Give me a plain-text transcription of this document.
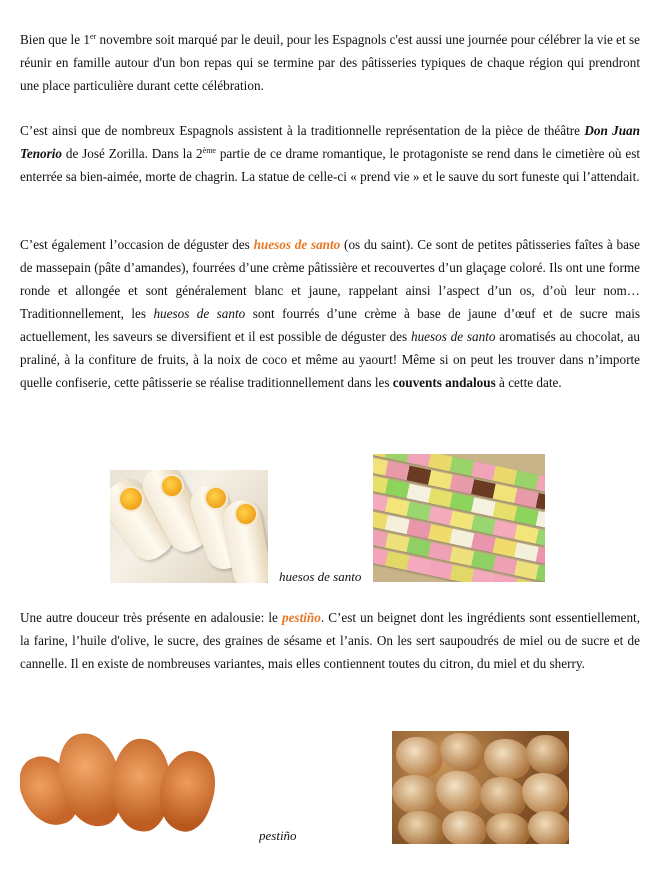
Bien que le 1er novembre soit marqué par le deuil, pour les Espagnols c'est aussi une journée pour célébrer la vie et se réunir en famille autour d'un bon repas qui se termine par des pâtisseries typiques de chaque région qui prendront une place particulière durant cette célébration.

C’est ainsi que de nombreux Espagnols assistent à la traditionnelle représentation de la pièce de théâtre Don Juan Tenorio de José Zorilla. Dans la 2ème partie de ce drame romantique, le protagoniste se rend dans le cimetière où est enterrée sa bien-aimée, morte de chagrin. La statue de celle-ci « prend vie » et le sauve du sort funeste qui l’attendait.

C’est également l’occasion de déguster des huesos de santo (os du saint). Ce sont de petites pâtisseries faîtes à base de massepain (pâte d’amandes), fourrées d’une crème pâtissière et recouvertes d’un glaçage coloré. Ils ont une forme ronde et allongée et sont généralement blanc et jaune, rappelant ainsi l’aspect d’un os, d’où leur nom… Traditionnellement, les huesos de santo sont fourrés d’une crème à base de jaune d’œuf et de sucre mais actuellement, les saveurs se diversifient et il est possible de déguster des huesos de santo aromatisés au chocolat, au praliné, à la confiture de fruits, à la noix de coco et même au yaourt! Même si on peut les trouver dans n’importe quelle confiserie, cette pâtisserie se réalise traditionnellement dans les couvents andalous à cette date.

huesos de santo

Une autre douceur très présente en adalousie: le pestiño. C’est un beignet dont les ingrédients sont essentiellement, la farine, l’huile d'olive, le sucre, des graines de sésame et l’anis. On les sert saupoudrés de miel ou de sucre et de cannelle. Il en existe de nombreuses variantes, mais elles contiennent toutes du citron, du miel et du sherry.

pestiño
